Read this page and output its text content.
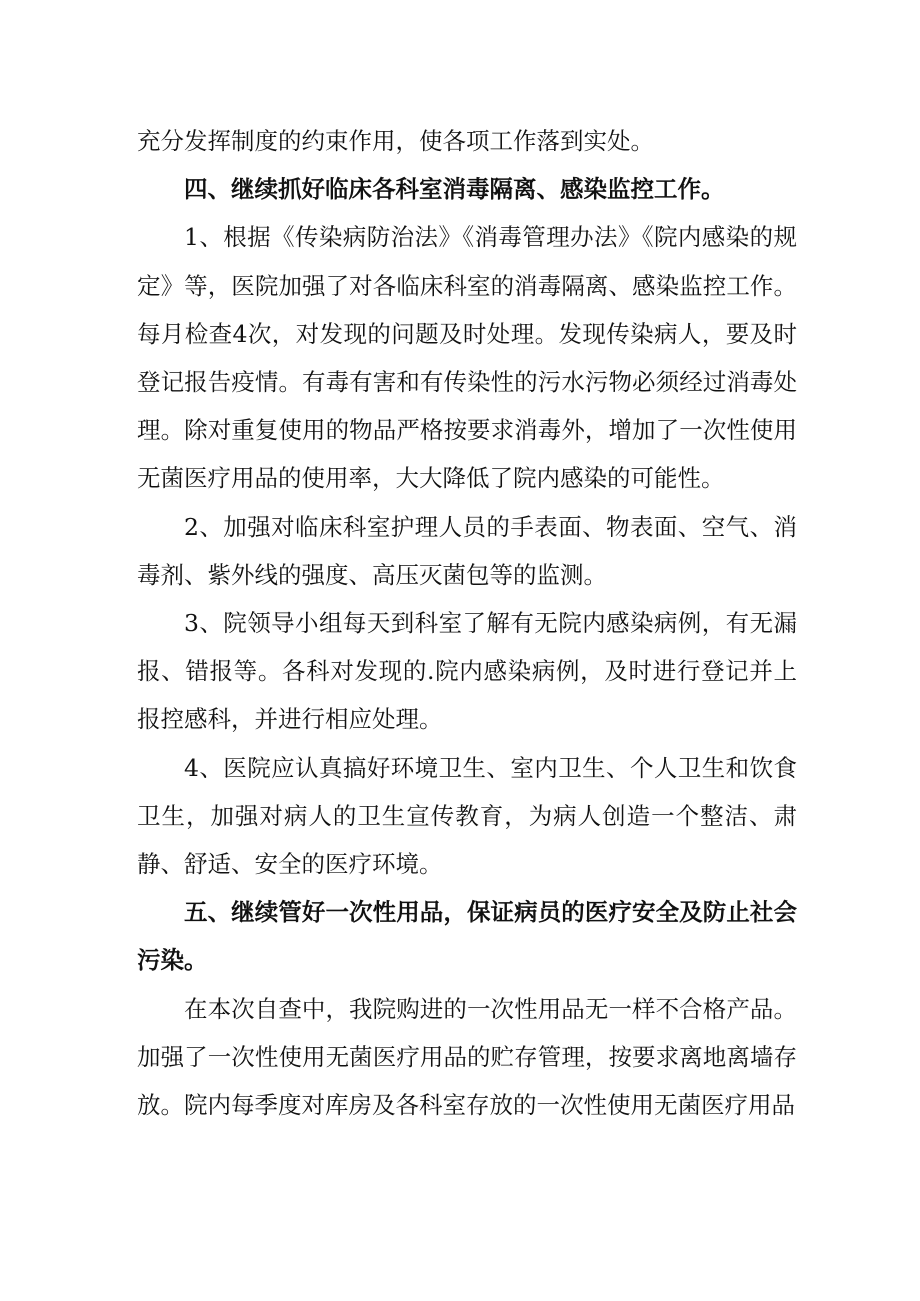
充分发挥制度的约束作用，使各项工作落到实处。

四、继续抓好临床各科室消毒隔离、感染监控工作。

1、根据《传染病防治法》《消毒管理办法》《院内感染的规定》等，医院加强了对各临床科室的消毒隔离、感染监控工作。每月检查4次，对发现的问题及时处理。发现传染病人，要及时登记报告疫情。有毒有害和有传染性的污水污物必须经过消毒处理。除对重复使用的物品严格按要求消毒外，增加了一次性使用无菌医疗用品的使用率，大大降低了院内感染的可能性。

2、加强对临床科室护理人员的手表面、物表面、空气、消毒剂、紫外线的强度、高压灭菌包等的监测。

3、院领导小组每天到科室了解有无院内感染病例，有无漏报、错报等。各科对发现的.院内感染病例，及时进行登记并上报控感科，并进行相应处理。

4、医院应认真搞好环境卫生、室内卫生、个人卫生和饮食卫生，加强对病人的卫生宣传教育，为病人创造一个整洁、肃静、舒适、安全的医疗环境。

五、继续管好一次性用品，保证病员的医疗安全及防止社会污染。

在本次自查中，我院购进的一次性用品无一样不合格产品。加强了一次性使用无菌医疗用品的贮存管理，按要求离地离墙存放。院内每季度对库房及各科室存放的一次性使用无菌医疗用品
